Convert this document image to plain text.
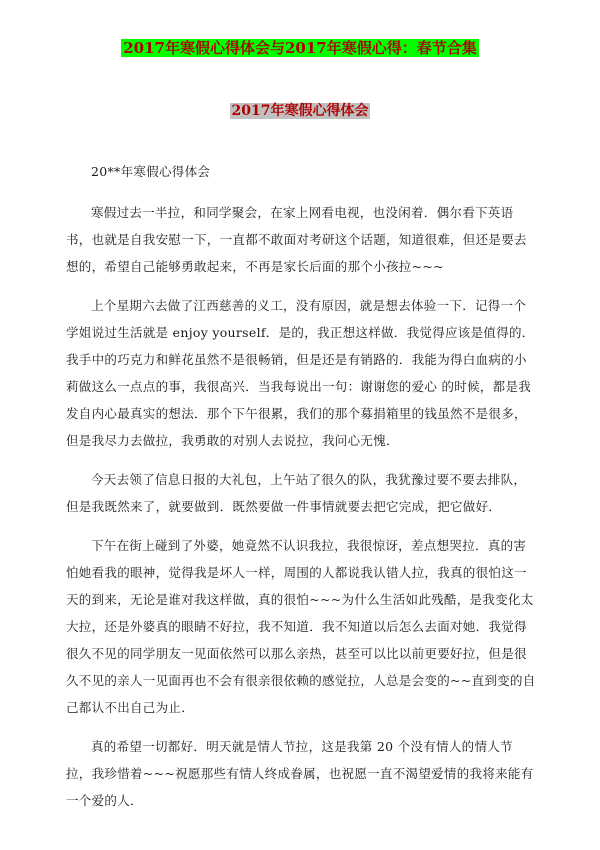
2017年寒假心得体会与2017年寒假心得：春节合集
2017年寒假心得体会

20**年寒假心得体会

寒假过去一半拉，和同学聚会，在家上网看电视，也没闲着．偶尔看下英语书，也就是自我安慰一下，一直都不敢面对考研这个话题，知道很难，但还是要去想的，希望自己能够勇敢起来，不再是家长后面的那个小孩拉~~~

上个星期六去做了江西慈善的义工，没有原因，就是想去体验一下．记得一个学姐说过生活就是 enjoy yourself．是的，我正想这样做．我觉得应该是值得的．我手中的巧克力和鲜花虽然不是很畅销，但是还是有销路的．我能为得白血病的小莉做这么一点点的事，我很高兴．当我每说出一句：谢谢您的爱心 的时候，都是我发自内心最真实的想法．那个下午很累，我们的那个募捐箱里的钱虽然不是很多，但是我尽力去做拉，我勇敢的对别人去说拉，我问心无愧．

今天去领了信息日报的大礼包，上午站了很久的队，我犹豫过要不要去排队，但是我既然来了，就要做到．既然要做一件事情就要去把它完成，把它做好．

下午在街上碰到了外婆，她竟然不认识我拉，我很惊讶，差点想哭拉．真的害怕她看我的眼神，觉得我是坏人一样，周围的人都说我认错人拉，我真的很怕这一天的到来，无论是谁对我这样做，真的很怕~~~为什么生活如此残酷，是我变化太大拉，还是外婆真的眼睛不好拉，我不知道．我不知道以后怎么去面对她．我觉得很久不见的同学朋友一见面依然可以那么亲热，甚至可以比以前更要好拉，但是很久不见的亲人一见面再也不会有很亲很依赖的感觉拉，人总是会变的~~直到变的自己都认不出自己为止．

真的希望一切都好．明天就是情人节拉，这是我第 20 个没有情人的情人节拉，我珍惜着~~~祝愿那些有情人终成眷属，也祝愿一直不渴望爱情的我将来能有一个爱的人．
